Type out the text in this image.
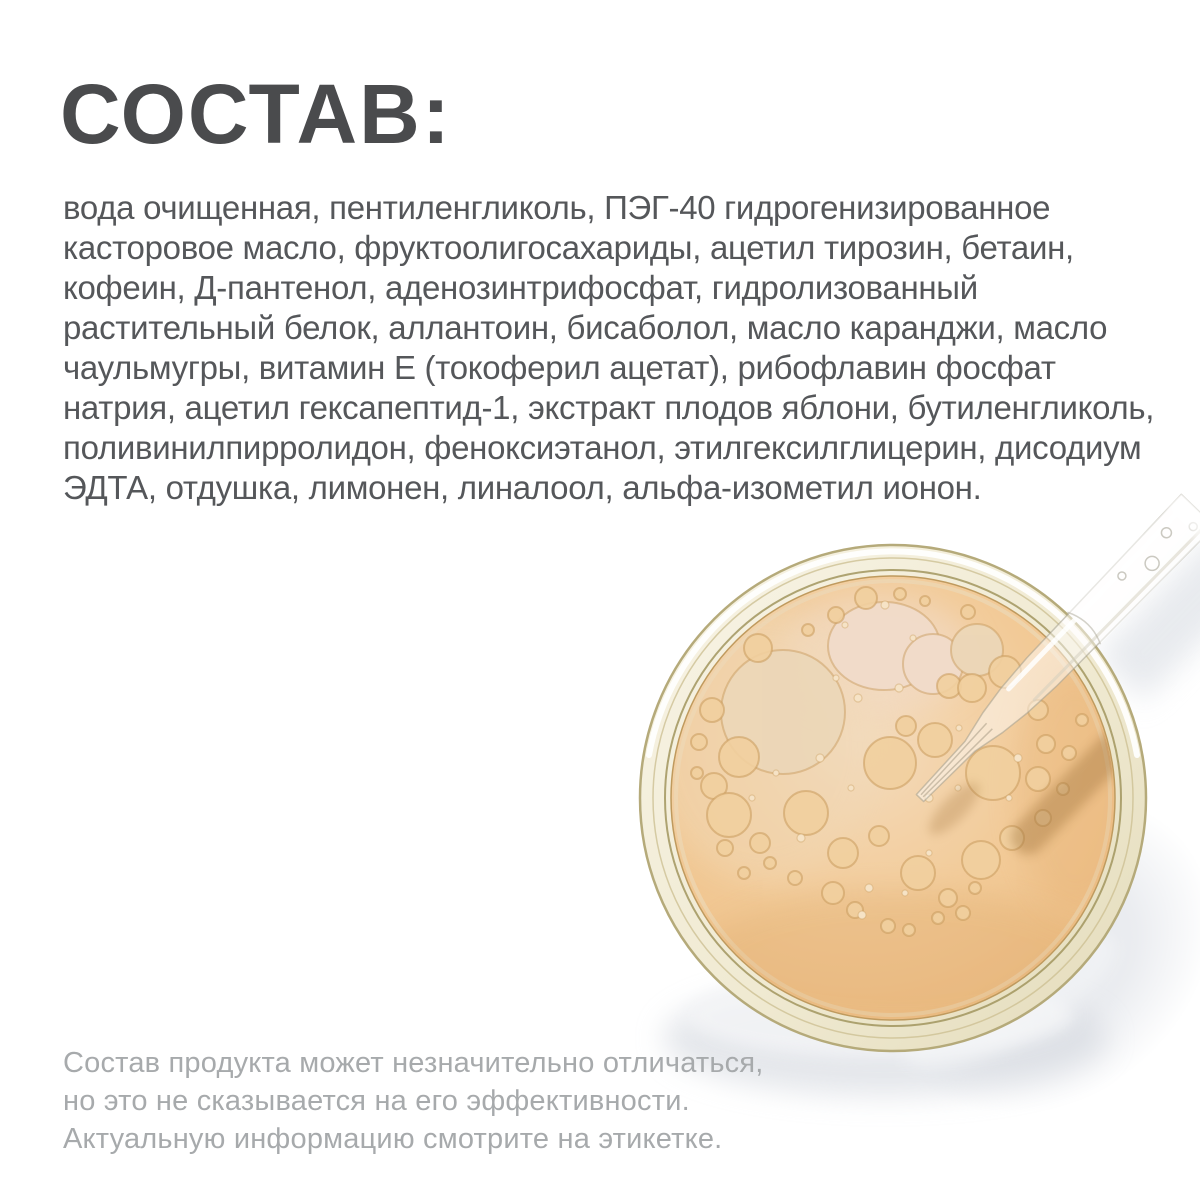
СОСТАВ:

вода очищенная, пентиленгликоль, ПЭГ-40 гидрогенизированное касторовое масло, фруктоолигосахариды, ацетил тирозин, бетаин, кофеин, Д-пантенол, аденозинтрифосфат, гидролизованный растительный белок, аллантоин, бисаболол, масло каранджи, масло чаульмугры, витамин Е (токоферил ацетат), рибофлавин фосфат натрия, ацетил гексапептид-1, экстракт плодов яблони, бутиленгликоль, поливинилпирролидон, феноксиэтанол, этилгексилглицерин, дисодиум ЭДТА, отдушка, лимонен, линалоол, альфа-изометил ионон.

Состав продукта может незначительно отличаться,
но это не сказывается на его эффективности.
Актуальную информацию смотрите на этикетке.
